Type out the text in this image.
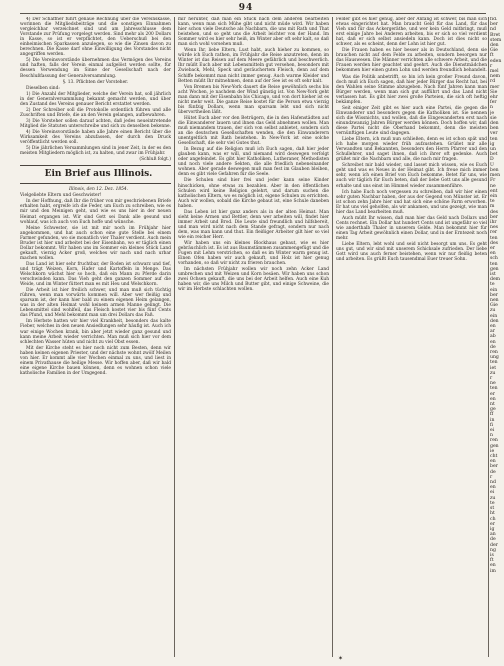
94

4) Der Schaffner führt genaue Rechnung über die Vereinskasse, worinnen die Mitgliedsbeiträge und die sonstigen Einnahmen vergleichbar verzeichnet sind und am Jahresschlusse dem Vorstande zur Prüfung vorgelegt werden. Sind mehr als 200 Dollars in Kasse, so ist er verpflichtet, den Ueberschuß bei den einheimischen Sparkassen anzulegen, so wie die Zinsen davon zu berechnen. Die Kasse darf ohne Einwilligung des Vorstandes nicht angegriffen werden.

5) Die Vereinsvorstände übernehmen das Vermögen des Vereins und haften, falls der Verein einmal aufgelöst werden sollte, für dessen Verwendung im Sinne der Gesellschaft nach der Beschlußfassung der Generalversammlung.

§. 13. Pflichten der Vorsteher.

Dieselben sind:

1) Die Anzahl der Mitglieder, welche der Verein hat, soll jährlich in der Generalversammlung bekannt gemacht werden, und über den Zustand des Vereins genauer Bericht erstattet werden.

2) Der Schreiber soll die Protokolle ordentlich führen und alle Zuschriften und Briefe, die an den Verein gelangen, aufbewahren.

3) Die Vorsteher sollen darauf achten, daß jedes neueintretende Mitglied die Statuten unterschreibe und sich zu denselben bekenne.

4) Die Vereinsvorstände haben alle Jahre einen Bericht über die Wirksamkeit des Vereins abzufassen, der durch den Druck veröffentlicht werden soll.

5) Die jährlichen Versammlungen sind in jener Zeit, in der es den meisten Mitgliedern möglich ist, zu halten, und zwar im Frühjahr.

(Schluß folgt.)

Ein Brief aus Illinois.

Illinois, den 12. Dez. 1854.

Vielgeliebte Eltern und Geschwister!

In der Hoffnung, daß Ihr die früher von mir geschriebenen Briefe erhalten habt, ergreife ich die Feder, um Euch zu schreiben, wie es mir und den Meinigen geht, und wie es uns hier in der neuen Heimat ergangen ist. Wir sind Gott sei Dank alle gesund und wohlauf, was ich auch von Euch hoffe und wünsche.

Meine Schwester, sie ist mit mir noch im Frühjahr hier angekommen, und hat auch schon eine gute Stelle bei einem Farmer gefunden, wo sie monatlich vier Thaler verdient. Auch mein Bruder ist hier und arbeitet bei der Eisenbahn, wo er täglich einen Dollar bekommt. Wir haben uns im Sommer ein kleines Stück Land gekauft, vierzig Acker groß, welches wir nach und nach urbar machen wollen.

Das Land ist hier sehr fruchtbar, der Boden ist schwarz und tief, und trägt Weizen, Korn, Hafer und Kartoffeln in Menge. Das Welschkorn wächst hier so hoch, daß ein Mann zu Pferde darin verschwinden kann. Das Vieh geht den ganzen Sommer auf die Weide, und im Winter füttert man es mit Heu und Welschkorn.

Die Arbeit ist hier freilich schwer, und man muß sich tüchtig rühren, wenn man vorwärts kommen will. Aber wer fleißig und sparsam ist, der kann hier bald zu einem eigenen Heim gelangen, was in der alten Heimat wohl keinem armen Manne gelingt. Die Lebensmittel sind wohlfeil, das Fleisch kostet vier bis fünf Cents das Pfund, und Mehl bekommt man um drei Dollars das Faß.

Im Herbste hatten wir hier viel Krankheit, besonders das kalte Fieber, welches in den neuen Ansiedlungen sehr häufig ist. Auch ich war einige Wochen krank, bin aber jetzt wieder ganz gesund und kann meine Arbeit wieder verrichten. Man muß sich hier vor dem schlechten Wasser hüten und nicht zu viel Obst essen.

Mit der Kirche steht es hier noch nicht zum Besten, denn wir haben keinen eigenen Priester, und der nächste wohnt zwölf Meilen von hier. Er kommt alle vier Wochen einmal zu uns, und liest in einem Privathause die heilige Messe. Wir hoffen aber, daß wir bald eine eigene Kirche bauen können, denn es wohnen schon viele katholische Familien in der Umgegend.

mir herunter, daß man ein Stück nach dem anderen bearbeiten kann, wenn man sich Mühe gibt und nicht müde wird. Wir haben hier schon viele Deutsche als Nachbarn, die uns mit Rath und That beistehen, und so geht uns die Arbeit leichter von der Hand. Im Sommer wird es hier sehr heiß, im Winter aber oft sehr kalt, so daß man sich wohl vorsehen muß.

Wenn Ihr, liebe Eltern, Lust habt, auch hieher zu kommen, so würde ich Euch rathen, im Frühjahr die Reise anzutreten, denn im Winter ist das Reisen auf dem Meere gefährlich und beschwerlich. Ihr müßt Euch aber mit Lebensmitteln gut versehen, besonders mit Zwieback, Mehl, Speck und geräuchertem Fleisch, denn auf dem Schiffe bekommt man nicht immer genug. Auch warme Kleider und Betten müßt Ihr mitnehmen, denn auf der See ist es oft sehr kalt.

Von Bremen bis New-York dauert die Reise gewöhnlich sechs bis acht Wochen, je nachdem der Wind günstig ist. Von New-York geht man dann mit der Eisenbahn bis Chicago, und von dort hieher ist es nicht mehr weit. Die ganze Reise kostet für die Person etwa vierzig bis fünfzig Dollars, wenn man sparsam lebt und sich nicht übervortheilen läßt.

Hütet Euch aber vor den Betrügern, die in den Hafenstädten auf die Einwanderer lauern und ihnen das Geld abnehmen wollen. Man muß niemandem trauen, der sich von selbst anbietet, sondern sich an die deutschen Gesellschaften wenden, die den Einwanderern unentgeltlich mit Rath beistehen. In New-York ist eine solche Gesellschaft, die sehr viel Gutes thut.

In Bezug auf die Religion muß ich Euch sagen, daß hier jeder glauben kann, was er will, und niemand wird deswegen verfolgt oder angefeindet. Es gibt hier Katholiken, Lutheraner, Methodisten und noch viele andere Sekten, die alle friedlich nebeneinander wohnen. Aber gerade deswegen muß man fest im Glauben bleiben, denn es gibt viele Gefahren für die Seele.

Die Schulen sind hier frei und jeder kann seine Kinder hinschicken, ohne etwas zu bezahlen. Aber in den öffentlichen Schulen wird keine Religion gelehrt, und darum suchen die katholischen Eltern, wo es möglich ist, eigene Schulen zu errichten. Auch wir wollen, sobald die Kirche gebaut ist, eine Schule daneben haben.

Das Leben ist hier ganz anders als in der alten Heimat. Man sieht keine Armen und Bettler, denn wer arbeiten will, findet hier immer Arbeit und Brod. Die Leute sind freundlich und hilfsbereit, und man wird nicht nach dem Stande gefragt, sondern nur nach dem, was man kann und thut. Ein fleißiger Arbeiter gilt hier so viel wie ein reicher Herr.

Wir haben uns ein kleines Blockhaus gebaut, wie es hier gebräuchlich ist. Es ist aus Baumstämmen zusammengefügt und die Fugen mit Lehm verstrichen, so daß es im Winter warm genug ist. Einen Ofen haben wir auch gekauft, und Holz ist hier genug vorhanden, so daß wir nicht zu frieren brauchen.

Im nächsten Frühjahr wollen wir noch zehn Acker Land umbrechen und mit Weizen und Korn besäen. Wir haben uns schon zwei Ochsen gekauft, die uns bei der Arbeit helfen. Auch eine Kuh haben wir, die uns Milch und Butter gibt, und einige Schweine, die wir im Herbste schlachten wollen.

Felder gibt es hier genug, aber der Anfang ist schwer, bis man sich etwas eingerichtet hat. Man braucht Geld für das Land, für das Vieh und für das Ackergeräthe, und wer kein Geld mitbringt, muß erst einige Jahre bei Anderen arbeiten, bis er sich so viel verdient hat, daß er sich selbst ansiedeln kann. Doch ist dies nicht so schwer, als es scheint, denn der Lohn ist hier gut.

Die Frauen haben es hier besser als in Deutschland, denn sie brauchen nicht auf dem Felde zu arbeiten, sondern besorgen nur das Hauswesen. Die Männer verrichten alle schwere Arbeit, und die Frauen werden hier geachtet und geehrt. Auch die Dienstmädchen bekommen hier einen guten Lohn und werden freundlich behandelt.

Was die Politik anbetrifft, so bin ich kein großer Freund davon, doch muß ich Euch sagen, daß hier jeder Bürger das Recht hat, bei den Wahlen seine Stimme abzugeben. Nach fünf Jahren kann man Bürger werden, wenn man sich gut aufführt und das Land nicht verlassen hat. Es gibt hier zwei große Parteien, die sich oft heftig bekämpfen.

Seit einiger Zeit gibt es hier auch eine Partei, die gegen die Einwanderer und besonders gegen die Katholiken ist. Sie nennen sich die Wissnichts, und wollen, daß die Eingewanderten erst nach einundzwanzig Jahren Bürger werden können. Doch hoffen wir, daß diese Partei nicht die Oberhand bekommt, denn die meisten vernünftigen Leute sind dagegen.

Liebe Eltern, ich muß nun schließen, denn es ist schon spät und ich habe morgen wieder früh aufzustehen. Grüßet mir alle Verwandten und Bekannten, besonders den Herrn Pfarrer und den Schullehrer, und saget ihnen, daß ich ihrer oft gedenke. Auch grüßet mir die Nachbarn und alle, die nach mir fragen.

Schreibet mir bald wieder, und lasset mich wissen, wie es Euch geht und was es Neues in der Heimat gibt. Ich freue mich immer sehr, wenn ich einen Brief von Euch bekomme. Betet für uns, wie auch wir täglich für Euch beten, daß der liebe Gott uns alle gesund erhalte und uns einst im Himmel wieder zusammenführe.

Ich habe Euch noch vergessen zu schreiben, daß wir hier einen sehr guten Nachbar haben, der aus der Gegend von Münster ist. Er ist schon zehn Jahre hier und hat sich eine schöne Farm erworben. Er hat uns viel geholfen, als wir ankamen, und uns gezeigt, wie man hier das Land bearbeiten muß.

Auch müßt Ihr wissen, daß man hier das Geld nach Dollars und Cents rechnet. Ein Dollar hat hundert Cents und ist ungefähr so viel wie anderthalb Thaler in unserem Gelde. Man bekommt hier für einen Tag Arbeit gewöhnlich einen Dollar, und in der Erntezeit noch mehr.

Liebe Eltern, lebt wohl und seid nicht besorgt um uns. Es geht uns gut, und wir sind mit unserem Schicksale zufrieden. Der liebe Gott wird uns auch ferner beistehen, wenn wir nur fleißig beten und arbeiten. Es grüßt Euch tausendmal Euer treuer Sohn.

fid.
ber
nd
Bret
stem
den
Gie
ft
eden
r
mel
nem
rd
mer
Sie
ehr
fer
n
je
sie
den
ben
ver
ten
ig
un
bet
D
U
ben
men
Fr
ne
ent
ein
te
m
des
ber
ihr
nes
rer
ten
des
er
en
sch
ten
gen
ist
dem
te
ein
ber
nen
Gie
zu
ein
den
en
ar
ab
en
de
ren
ung
ten
iet
zu
r
ne
ten
er
en
nt
ge
ff
in
fi
ei
n
ren
gen
ie
cht
en
ber
de
r
nd
en
ei
zu
te
st
ht
ch
er
ig
an
de
der
ng
is
ft
en
im
✶
